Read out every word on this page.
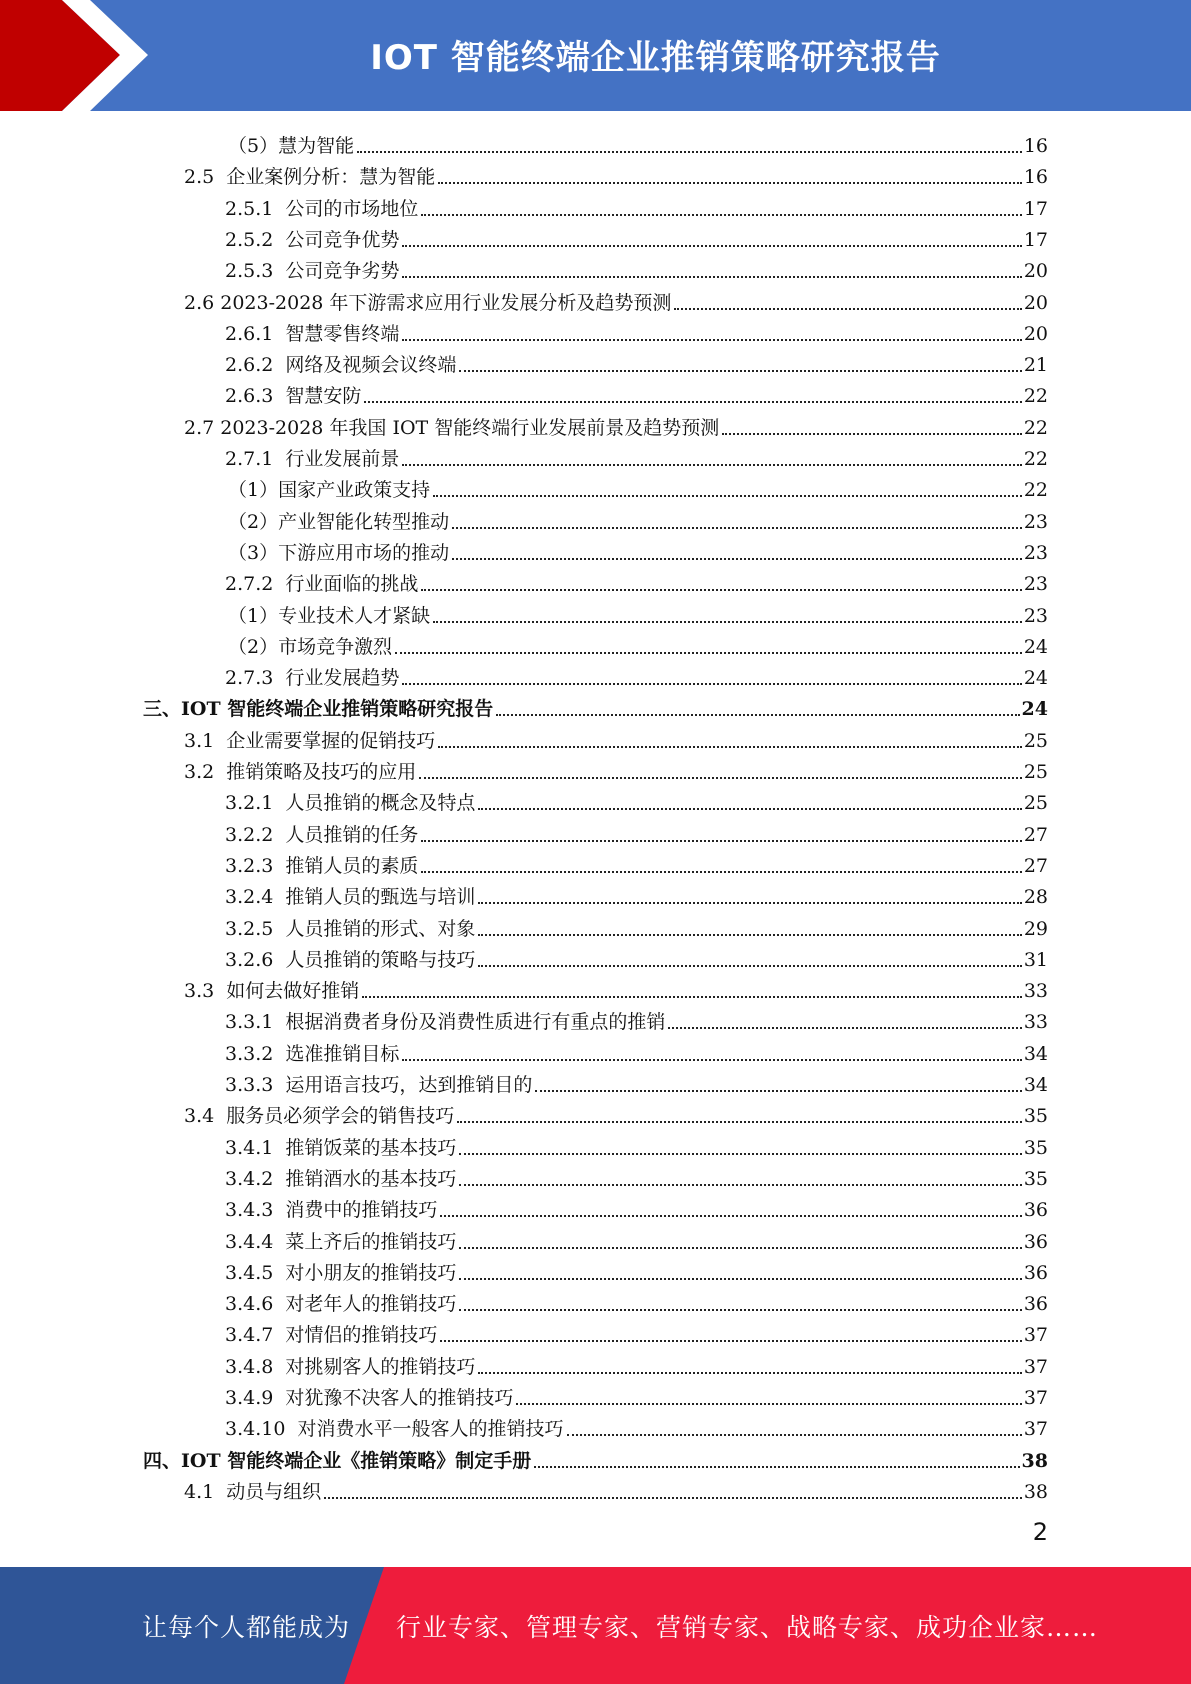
IOT 智能终端企业推销策略研究报告
（5）慧为智能	16
2.5  企业案例分析：慧为智能	16
2.5.1  公司的市场地位	17
2.5.2  公司竞争优势	17
2.5.3  公司竞争劣势	20
2.6 2023-2028 年下游需求应用行业发展分析及趋势预测	20
2.6.1  智慧零售终端	20
2.6.2  网络及视频会议终端	21
2.6.3  智慧安防	22
2.7 2023-2028 年我国 IOT 智能终端行业发展前景及趋势预测	22
2.7.1  行业发展前景	22
（1）国家产业政策支持	22
（2）产业智能化转型推动	23
（3）下游应用市场的推动	23
2.7.2  行业面临的挑战	23
（1）专业技术人才紧缺	23
（2）市场竞争激烈	24
2.7.3  行业发展趋势	24
三、IOT 智能终端企业推销策略研究报告	24
3.1  企业需要掌握的促销技巧	25
3.2  推销策略及技巧的应用	25
3.2.1  人员推销的概念及特点	25
3.2.2  人员推销的任务	27
3.2.3  推销人员的素质	27
3.2.4  推销人员的甄选与培训	28
3.2.5  人员推销的形式、对象	29
3.2.6  人员推销的策略与技巧	31
3.3  如何去做好推销	33
3.3.1  根据消费者身份及消费性质进行有重点的推销	33
3.3.2  选准推销目标	34
3.3.3  运用语言技巧，达到推销目的	34
3.4  服务员必须学会的销售技巧	35
3.4.1  推销饭菜的基本技巧	35
3.4.2  推销酒水的基本技巧	35
3.4.3  消费中的推销技巧	36
3.4.4  菜上齐后的推销技巧	36
3.4.5  对小朋友的推销技巧	36
3.4.6  对老年人的推销技巧	36
3.4.7  对情侣的推销技巧	37
3.4.8  对挑剔客人的推销技巧	37
3.4.9  对犹豫不决客人的推销技巧	37
3.4.10  对消费水平一般客人的推销技巧	37
四、IOT 智能终端企业《推销策略》制定手册	38
4.1  动员与组织	38
2
让每个人都能成为 行业专家、管理专家、营销专家、战略专家、成功企业家……
